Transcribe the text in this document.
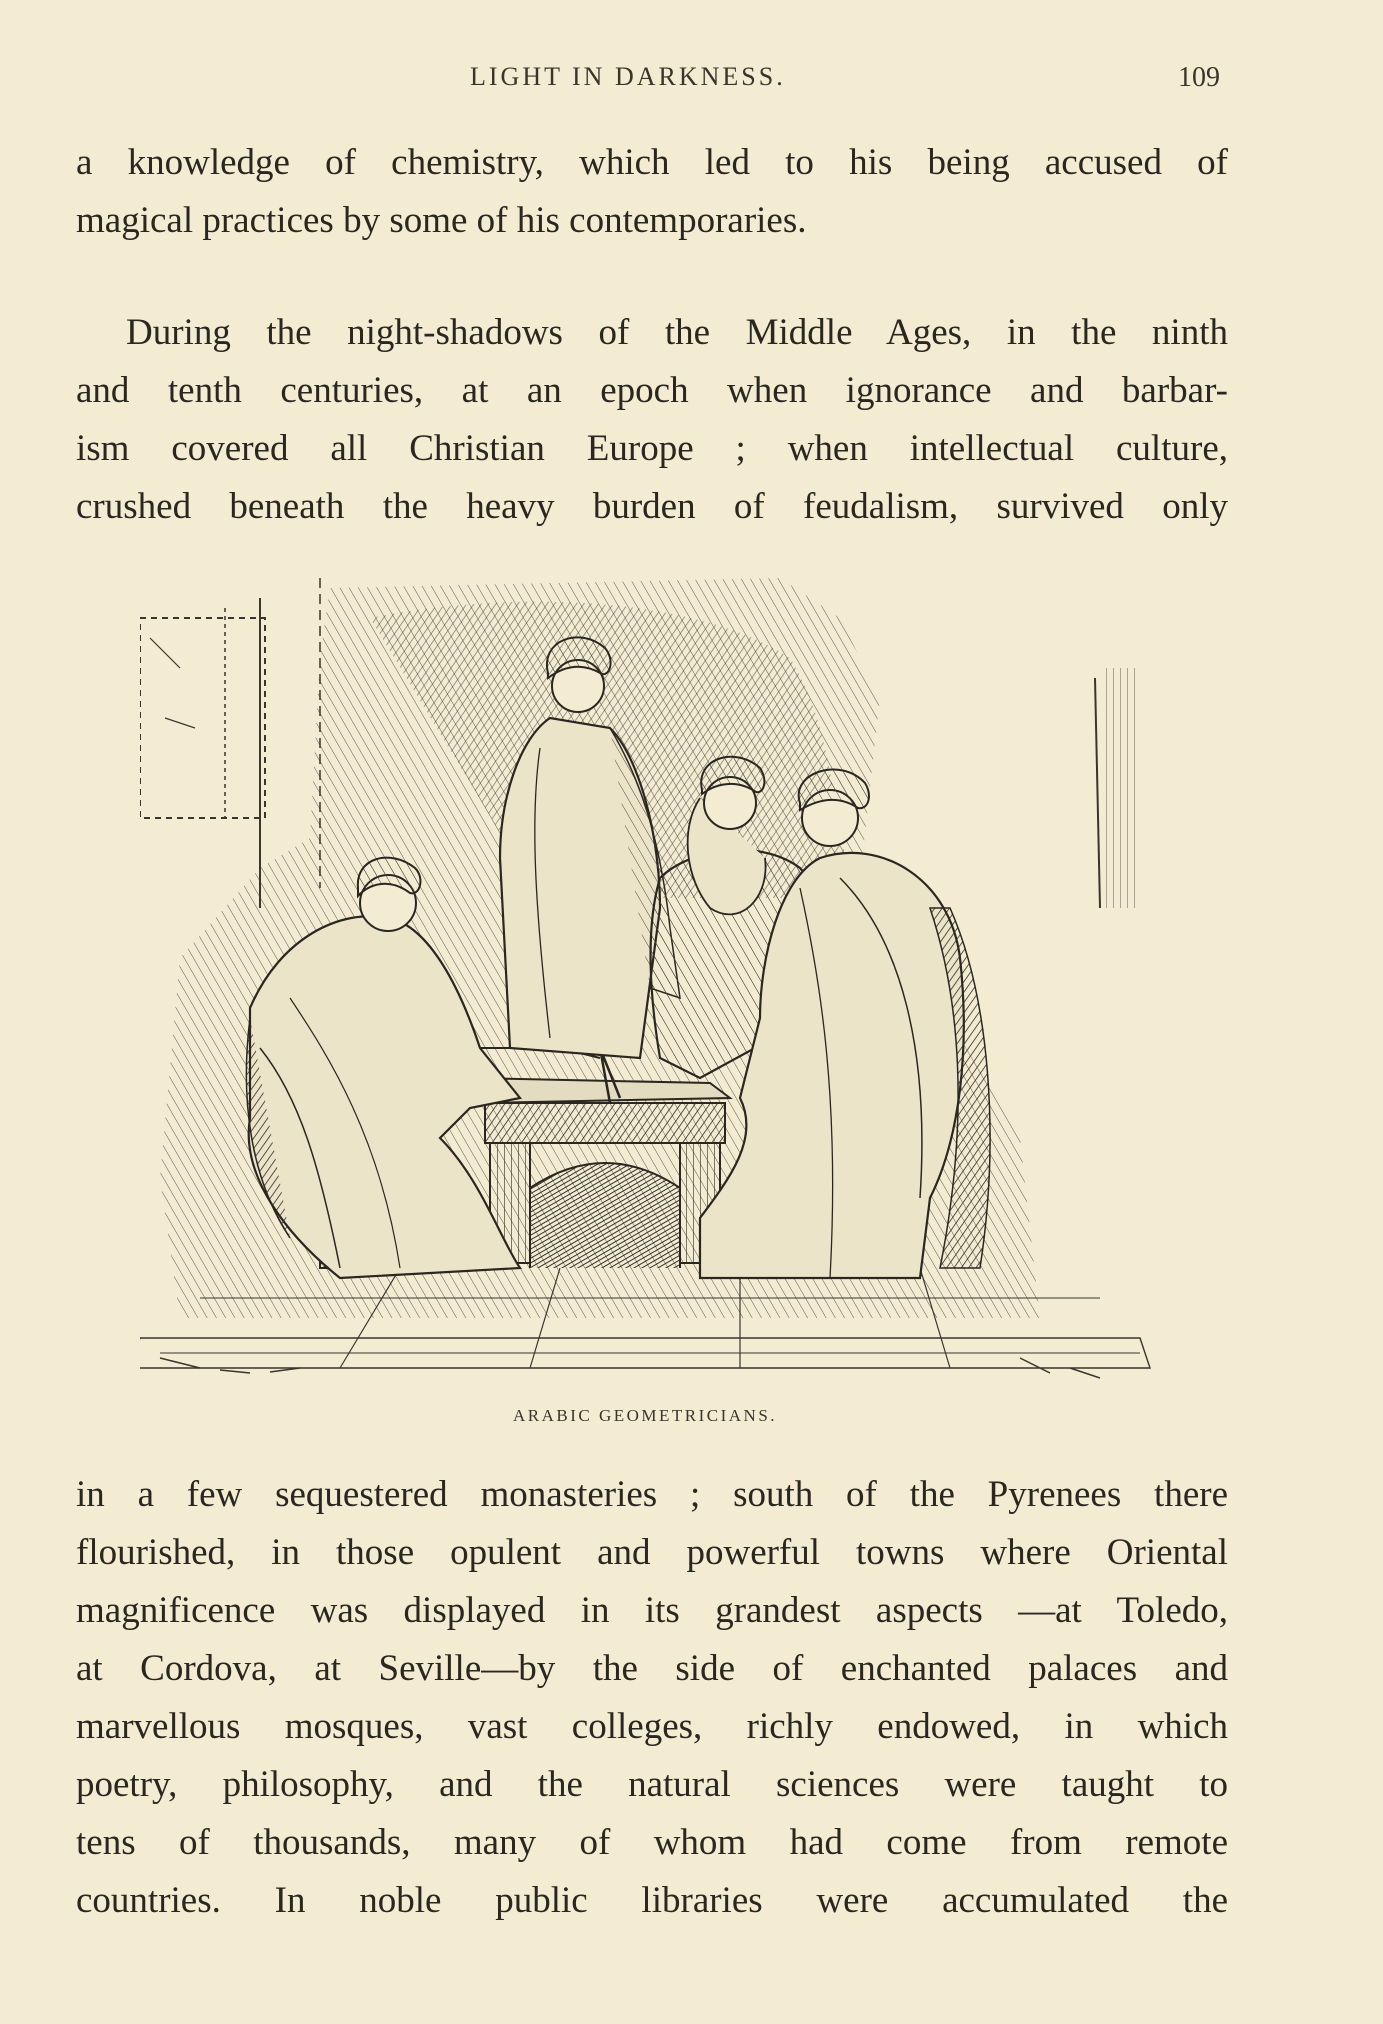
LIGHT IN DARKNESS.	109
a knowledge of chemistry, which led to his being accused of
magical practices by some of his contemporaries.
During the night-shadows of the Middle Ages, in the ninth
and tenth centuries, at an epoch when ignorance and barbar-
ism covered all Christian Europe ; when intellectual culture,
crushed beneath the heavy burden of feudalism, survived only
ARABIC GEOMETRICIANS.
in a few sequestered monasteries ; south of the Pyrenees there
flourished, in those opulent and powerful towns where Oriental
magnificence was displayed in its grandest aspects —at Toledo,
at Cordova, at Seville—by the side of enchanted palaces and
marvellous mosques, vast colleges, richly endowed, in which
poetry, philosophy, and the natural sciences were taught to
tens of thousands, many of whom had come from remote
countries. In noble public libraries were accumulated the
